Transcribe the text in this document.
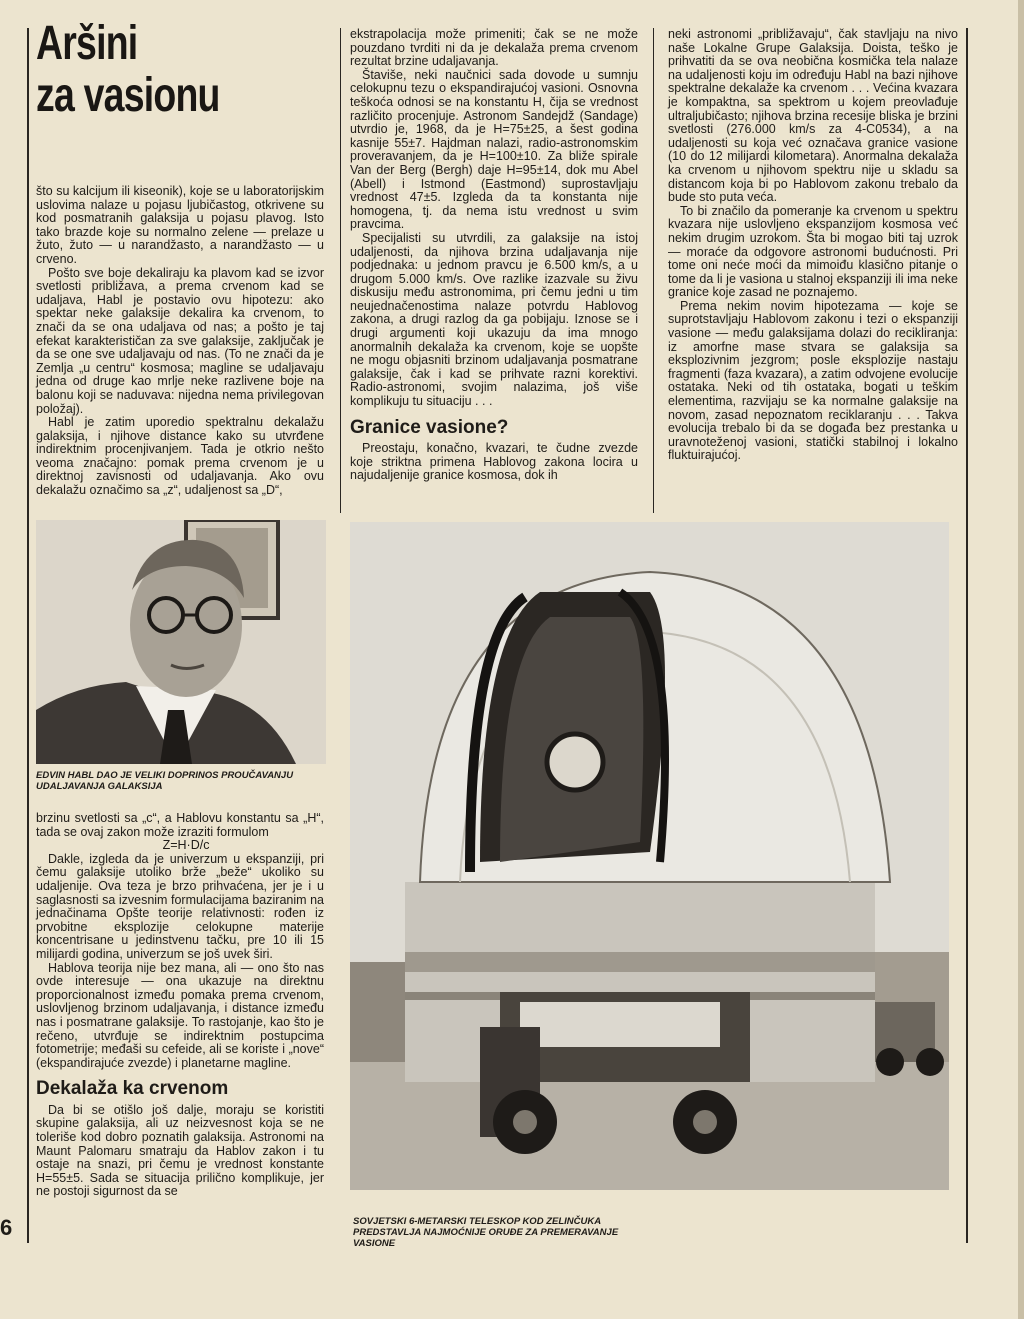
6
Aršini
za vasionu

što su kalcijum ili kiseonik), koje se u laboratorijskim uslovima nalaze u pojasu ljubičastog, otkrivene su kod posmatranih galaksija u pojasu plavog. Isto tako brazde koje su normalno zelene — prelaze u žuto, žuto — u narandžasto, a narandžasto — u crveno.

Pošto sve boje dekaliraju ka plavom kad se izvor svetlosti približava, a prema crvenom kad se udaljava, Habl je postavio ovu hipotezu: ako spektar neke galaksije dekalira ka crvenom, to znači da se ona udaljava od nas; a pošto je taj efekat karakterističan za sve galaksije, zaključak je da se one sve udaljavaju od nas. (To ne znači da je Zemlja „u centru“ kosmosa; magline se udaljavaju jedna od druge kao mrlje neke razlivene boje na balonu koji se naduvava: nijedna nema privilegovan položaj).

Habl je zatim uporedio spektralnu dekalažu galaksija, i njihove distance kako su utvrđene indirektnim procenjivanjem. Tada je otkrio nešto veoma značajno: pomak prema crvenom je u direktnoj zavisnosti od udaljavanja. Ako ovu dekalažu označimo sa „z“, udaljenost sa „D“,

EDVIN HABL DAO JE VELIKI DOPRINOS PROUČAVANJU UDALJAVANJA GALAKSIJA

brzinu svetlosti sa „c“, a Hablovu konstantu sa „H“, tada se ovaj zakon može izraziti formulom

Z=H·D/c

Dakle, izgleda da je univerzum u ekspanziji, pri čemu galaksije utoliko brže „beže“ ukoliko su udaljenije. Ova teza je brzo prihvaćena, jer je i u saglasnosti sa izvesnim formulacijama baziranim na jednačinama Opšte teorije relativnosti: rođen iz prvobitne eksplozije celokupne materije koncentrisane u jedinstvenu tačku, pre 10 ili 15 milijardi godina, univerzum se još uvek širi.

Hablova teorija nije bez mana, ali — ono što nas ovde interesuje — ona ukazuje na direktnu proporcionalnost između pomaka prema crvenom, uslovljenog brzinom udaljavanja, i distance između nas i posmatrane galaksije. To rastojanje, kao što je rečeno, utvrđuje se indirektnim postupcima fotometrije; međaši su cefeide, ali se koriste i „nove“ (ekspandirajuće zvezde) i planetarne magline.

Dekalaža ka crvenom

Da bi se otišlo još dalje, moraju se koristiti skupine galaksija, ali uz neizvesnost koja se ne toleriše kod dobro poznatih galaksija. Astronomi na Maunt Palomaru smatraju da Hablov zakon i tu ostaje na snazi, pri čemu je vrednost konstante H=55±5. Sada se situacija prilično komplikuje, jer ne postoji sigurnost da se

ekstrapolacija može primeniti; čak se ne može pouzdano tvrditi ni da je dekalaža prema crvenom rezultat brzine udaljavanja.

Štaviše, neki naučnici sada dovode u sumnju celokupnu tezu o ekspandirajućoj vasioni. Osnovna teškoća odnosi se na konstantu H, čija se vrednost različito procenjuje. Astronom Sandejdž (Sandage) utvrdio je, 1968, da je H=75±25, a šest godina kasnije 55±7. Hajdman nalazi, radio-astronomskim proveravanjem, da je H=100±10. Za bliže spirale Van der Berg (Bergh) daje H=95±14, dok mu Abel (Abell) i Istmond (Eastmond) suprostavljaju vrednost 47±5. Izgleda da ta konstanta nije homogena, tj. da nema istu vrednost u svim pravcima.

Specijalisti su utvrdili, za galaksije na istoj udaljenosti, da njihova brzina udaljavanja nije podjednaka: u jednom pravcu je 6.500 km/s, a u drugom 5.000 km/s. Ove razlike izazvale su živu diskusiju među astronomima, pri čemu jedni u tim neujednačenostima nalaze potvrdu Hablovog zakona, a drugi razlog da ga pobijaju. Iznose se i drugi argumenti koji ukazuju da ima mnogo anormalnih dekalaža ka crvenom, koje se uopšte ne mogu objasniti brzinom udaljavanja posmatrane galaksije, čak i kad se prihvate razni korektivi. Radio-astronomi, svojim nalazima, još više komplikuju tu situaciju . . .

Granice vasione?

Preostaju, konačno, kvazari, te čudne zvezde koje striktna primena Hablovog zakona locira u najudaljenije granice kosmosa, dok ih

neki astronomi „približavaju“, čak stavljaju na nivo naše Lokalne Grupe Galaksija. Doista, teško je prihvatiti da se ova neobična kosmička tela nalaze na udaljenosti koju im određuju Habl na bazi njihove spektralne dekalaže ka crvenom . . . Većina kvazara je kompaktna, sa spektrom u kojem preovlađuje ultraljubičasto; njihova brzina recesije bliska je brzini svetlosti (276.000 km/s za 4-C0534), a na udaljenosti su koja već označava granice vasione (10 do 12 milijardi kilometara). Anormalna dekalaža ka crvenom u njihovom spektru nije u skladu sa distancom koja bi po Hablovom zakonu trebalo da bude sto puta veća.

To bi značilo da pomeranje ka crvenom u spektru kvazara nije uslovljeno ekspanzijom kosmosa već nekim drugim uzrokom. Šta bi mogao biti taj uzrok — moraće da odgovore astronomi budućnosti. Pri tome oni neće moći da mimoiđu klasično pitanje o tome da li je vasiona u stalnoj ekspanziji ili ima neke granice koje zasad ne poznajemo.

Prema nekim novim hipotezama — koje se suprotstavljaju Hablovom zakonu i tezi o ekspanziji vasione — među galaksijama dolazi do recikliranja: iz amorfne mase stvara se galaksija sa eksplozivnim jezgrom; posle eksplozije nastaju fragmenti (faza kvazara), a zatim odvojene evolucije ostataka. Neki od tih ostataka, bogati u teškim elementima, razvijaju se ka normalne galaksije na novom, zasad nepoznatom reciklaranju . . . Takva evolucija trebalo bi da se događa bez prestanka u uravnoteženoj vasioni, statički stabilnoj i lokalno fluktuirajućoj.

SOVJETSKI 6-METARSKI TELESKOP KOD ZELINČUKA PREDSTAVLJA NAJMOĆNIJE ORUĐE ZA PREMERAVANJE VASIONE
